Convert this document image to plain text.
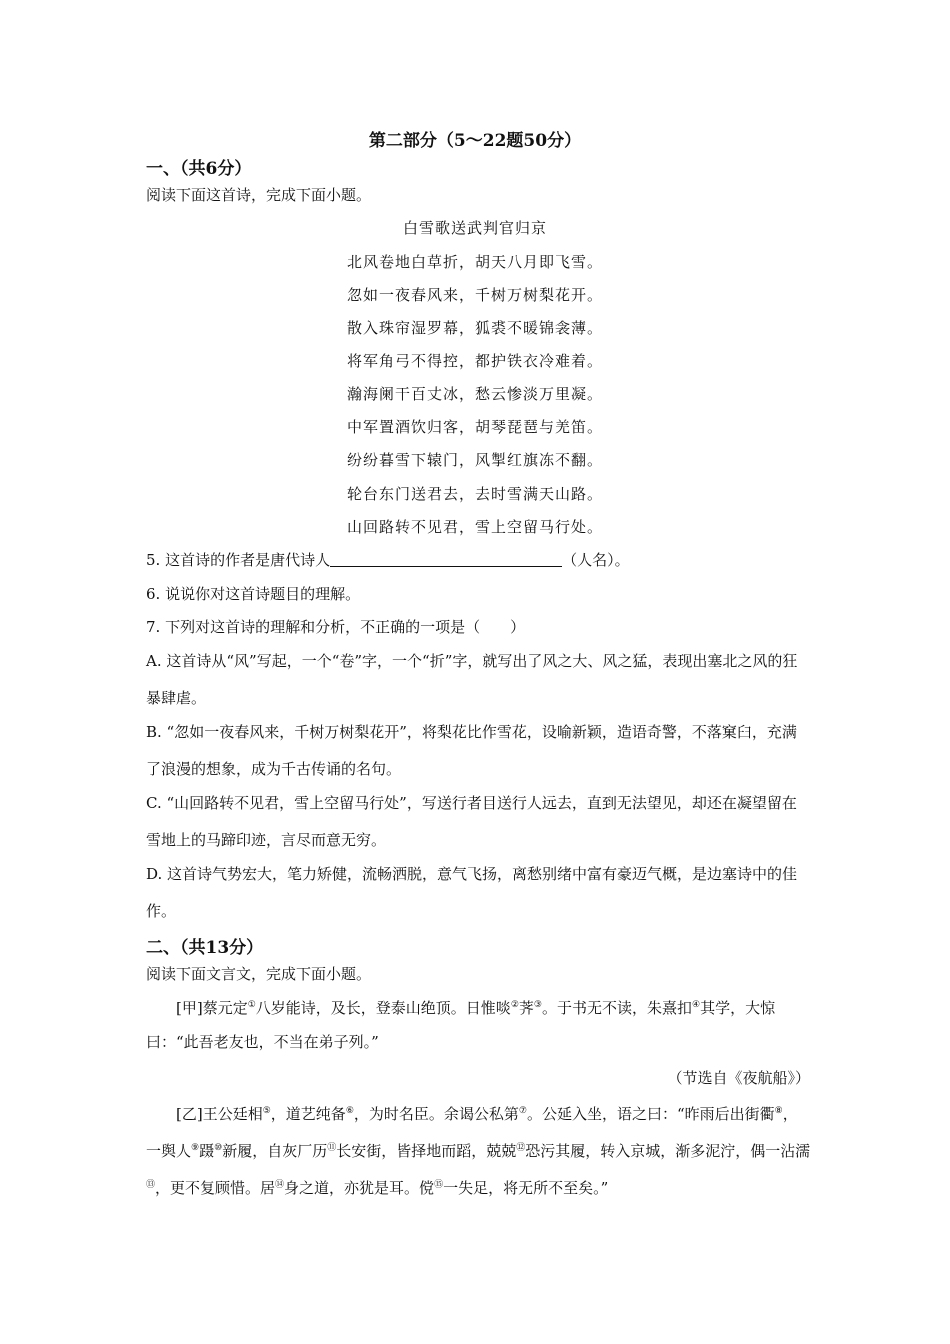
第二部分（5～22题50分）
一、（共6分）
阅读下面这首诗，完成下面小题。
白雪歌送武判官归京
北风卷地白草折，胡天八月即飞雪。
忽如一夜春风来，千树万树梨花开。
散入珠帘湿罗幕，狐裘不暖锦衾薄。
将军角弓不得控，都护铁衣冷难着。
瀚海阑干百丈冰，愁云惨淡万里凝。
中军置酒饮归客，胡琴琵琶与羌笛。
纷纷暮雪下辕门，风掣红旗冻不翻。
轮台东门送君去，去时雪满天山路。
山回路转不见君，雪上空留马行处。
5. 这首诗的作者是唐代诗人	（人名）。
6. 说说你对这首诗题目的理解。
7. 下列对这首诗的理解和分析，不正确的一项是（　　）
A. 这首诗从“风”写起，一个“卷”字，一个“折”字，就写出了风之大、风之猛，表现出塞北之风的狂暴肆虐。
B. “忽如一夜春风来，千树万树梨花开”，将梨花比作雪花，设喻新颖，造语奇警，不落窠臼，充满了浪漫的想象，成为千古传诵的名句。
C. “山回路转不见君，雪上空留马行处”，写送行者目送行人远去，直到无法望见，却还在凝望留在雪地上的马蹄印迹，言尽而意无穷。
D. 这首诗气势宏大，笔力矫健，流畅洒脱，意气飞扬，离愁别绪中富有豪迈气概，是边塞诗中的佳作。
二、（共13分）
阅读下面文言文，完成下面小题。
[甲]蔡元定①八岁能诗，及长，登泰山绝顶。日惟啖②荠③。于书无不读，朱熹扣④其学，大惊曰：“此吾老友也，不当在弟子列。”
（节选自《夜航船》）
[乙]王公廷相⑤，道艺纯备⑥，为时名臣。余谒公私第⑦。公延入坐，语之曰：“昨雨后出街衢⑧，一舆人⑨蹑⑩新履，自灰厂历⑪长安街，皆择地而蹈，兢兢⑫恐污其履，转入京城，渐多泥泞，偶一沾濡⑬，更不复顾惜。居⑭身之道，亦犹是耳。傥⑮一失足，将无所不至矣。”
